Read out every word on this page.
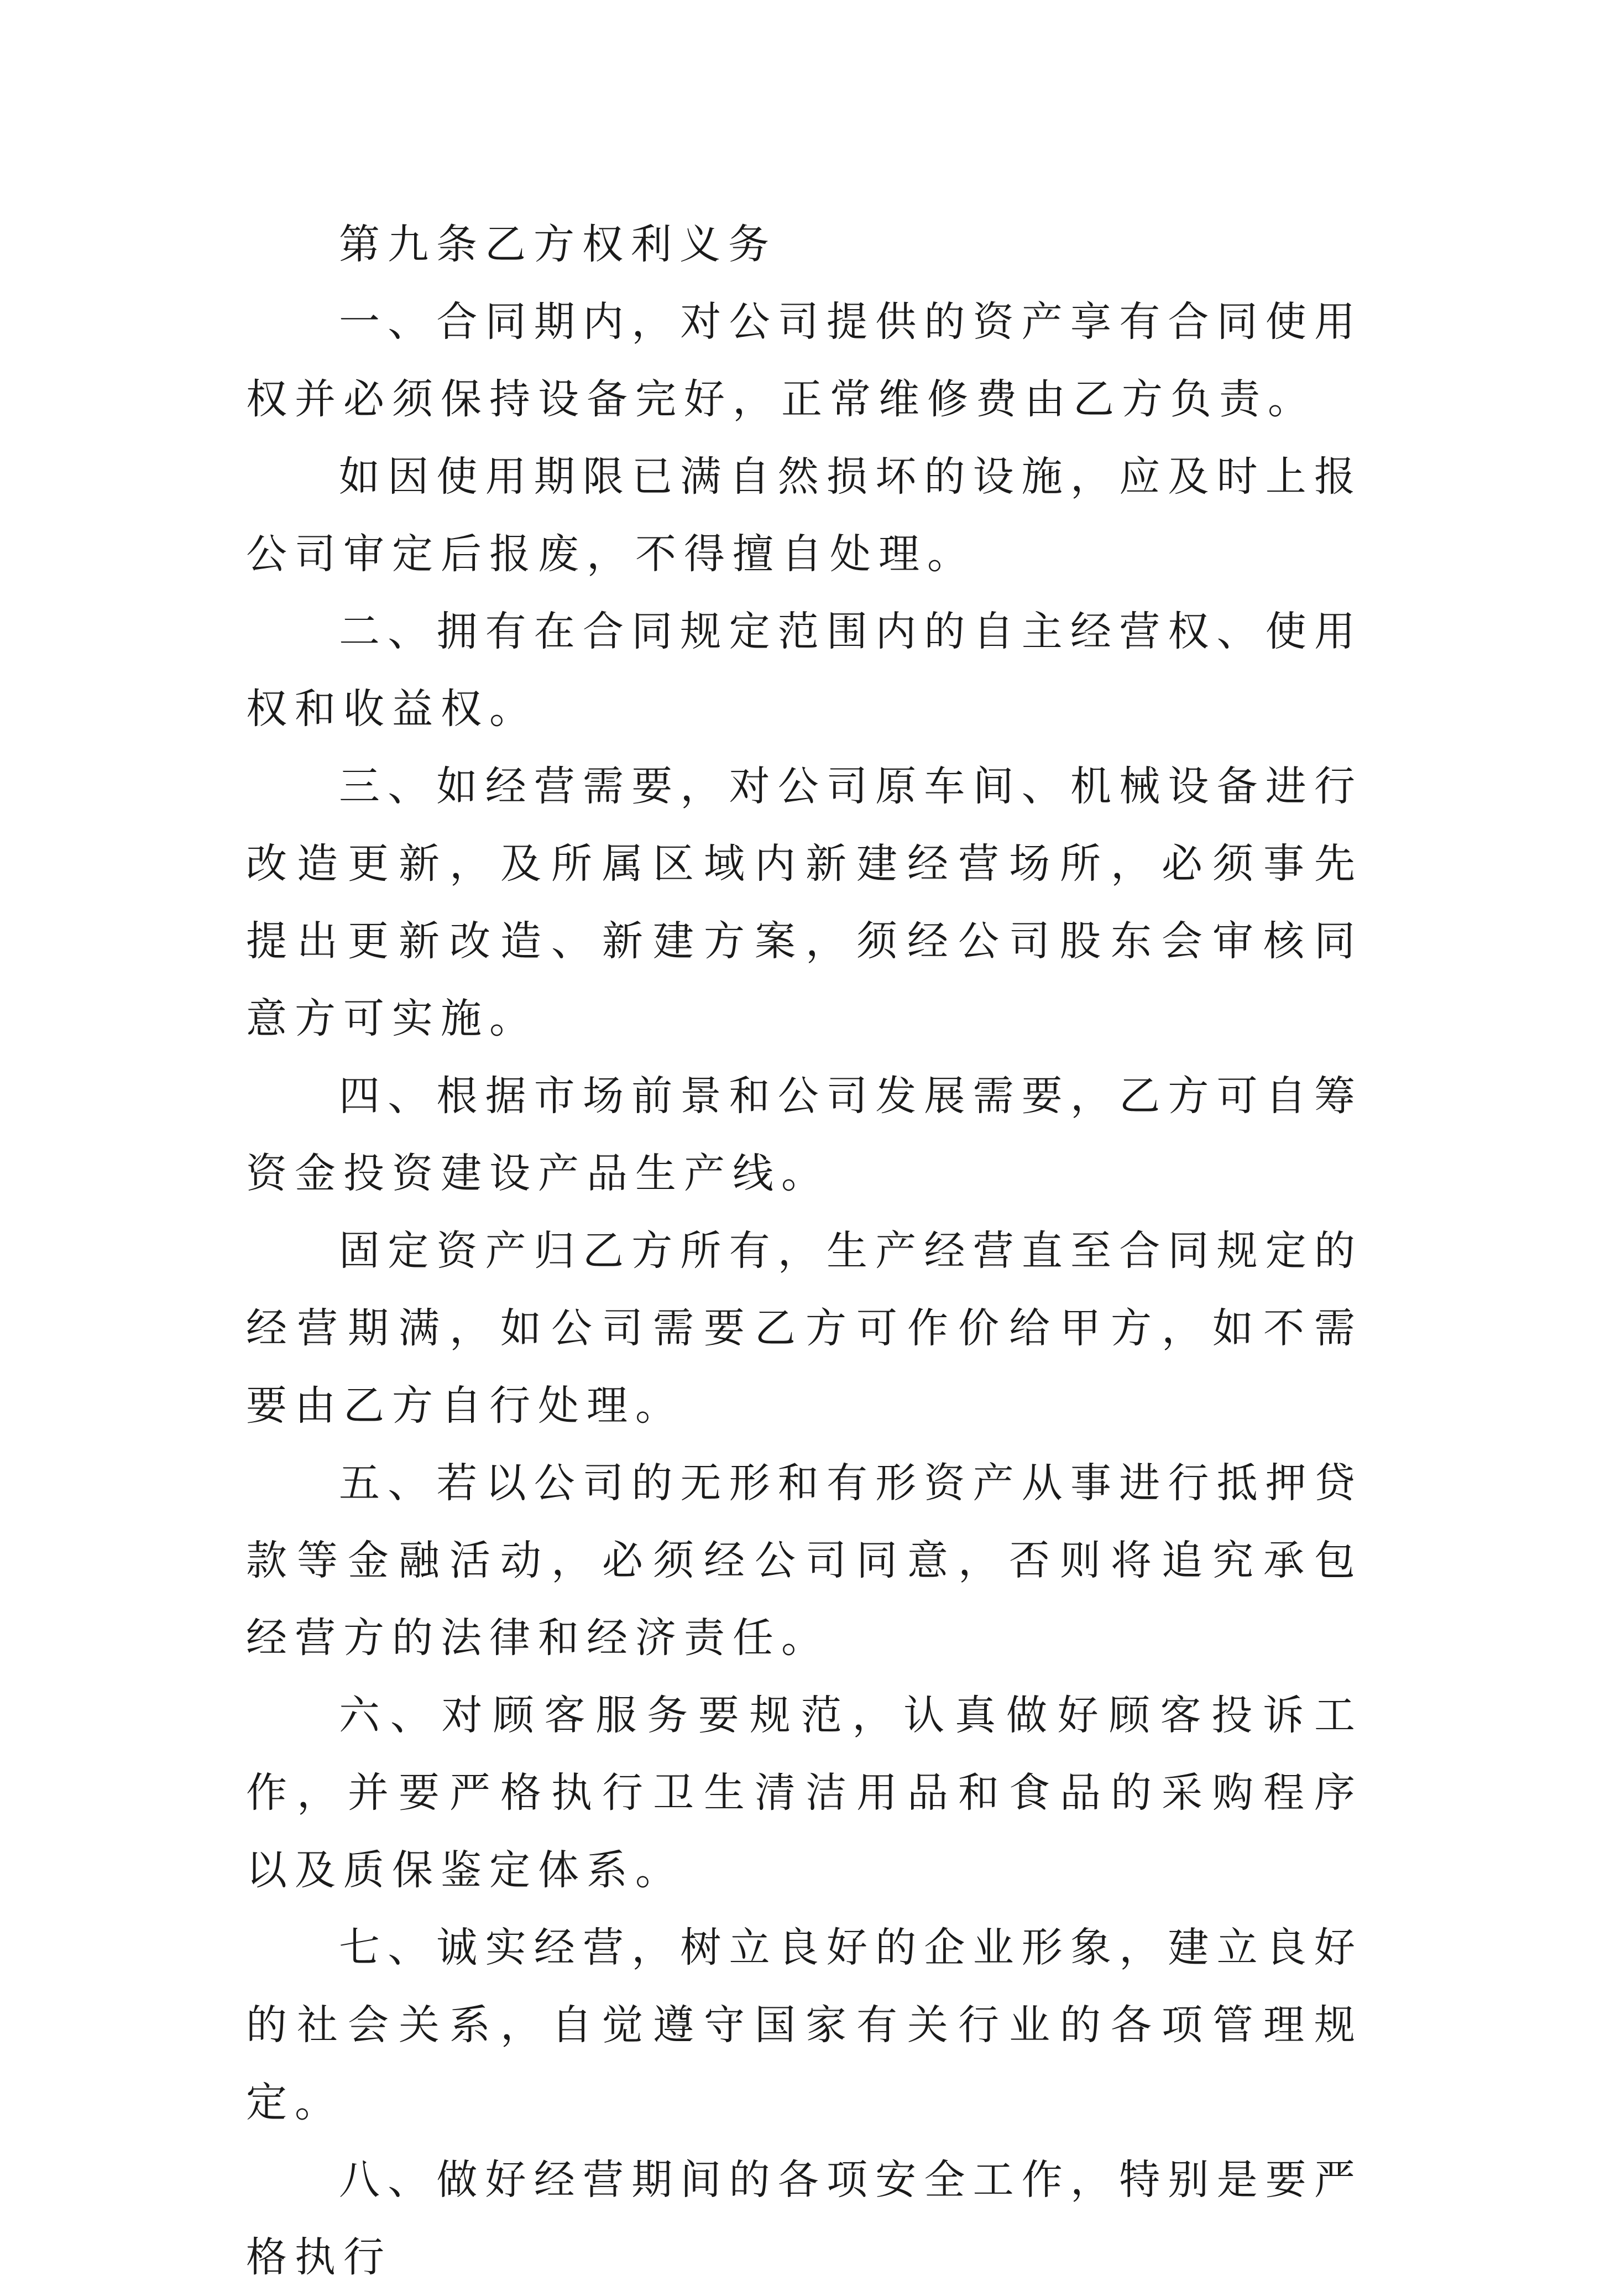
第九条乙方权利义务

一、合同期内，对公司提供的资产享有合同使用权并必须保持设备完好，正常维修费由乙方负责。

如因使用期限已满自然损坏的设施，应及时上报公司审定后报废，不得擅自处理。

二、拥有在合同规定范围内的自主经营权、使用权和收益权。

三、如经营需要，对公司原车间、机械设备进行改造更新，及所属区域内新建经营场所，必须事先提出更新改造、新建方案，须经公司股东会审核同意方可实施。

四、根据市场前景和公司发展需要，乙方可自筹资金投资建设产品生产线。

固定资产归乙方所有，生产经营直至合同规定的经营期满，如公司需要乙方可作价给甲方，如不需要由乙方自行处理。

五、若以公司的无形和有形资产从事进行抵押贷款等金融活动，必须经公司同意，否则将追究承包经营方的法律和经济责任。

六、对顾客服务要规范，认真做好顾客投诉工作，并要严格执行卫生清洁用品和食品的采购程序以及质保鉴定体系。

七、诚实经营，树立良好的企业形象，建立良好的社会关系，自觉遵守国家有关行业的各项管理规定。

八、做好经营期间的各项安全工作，特别是要严格执行
